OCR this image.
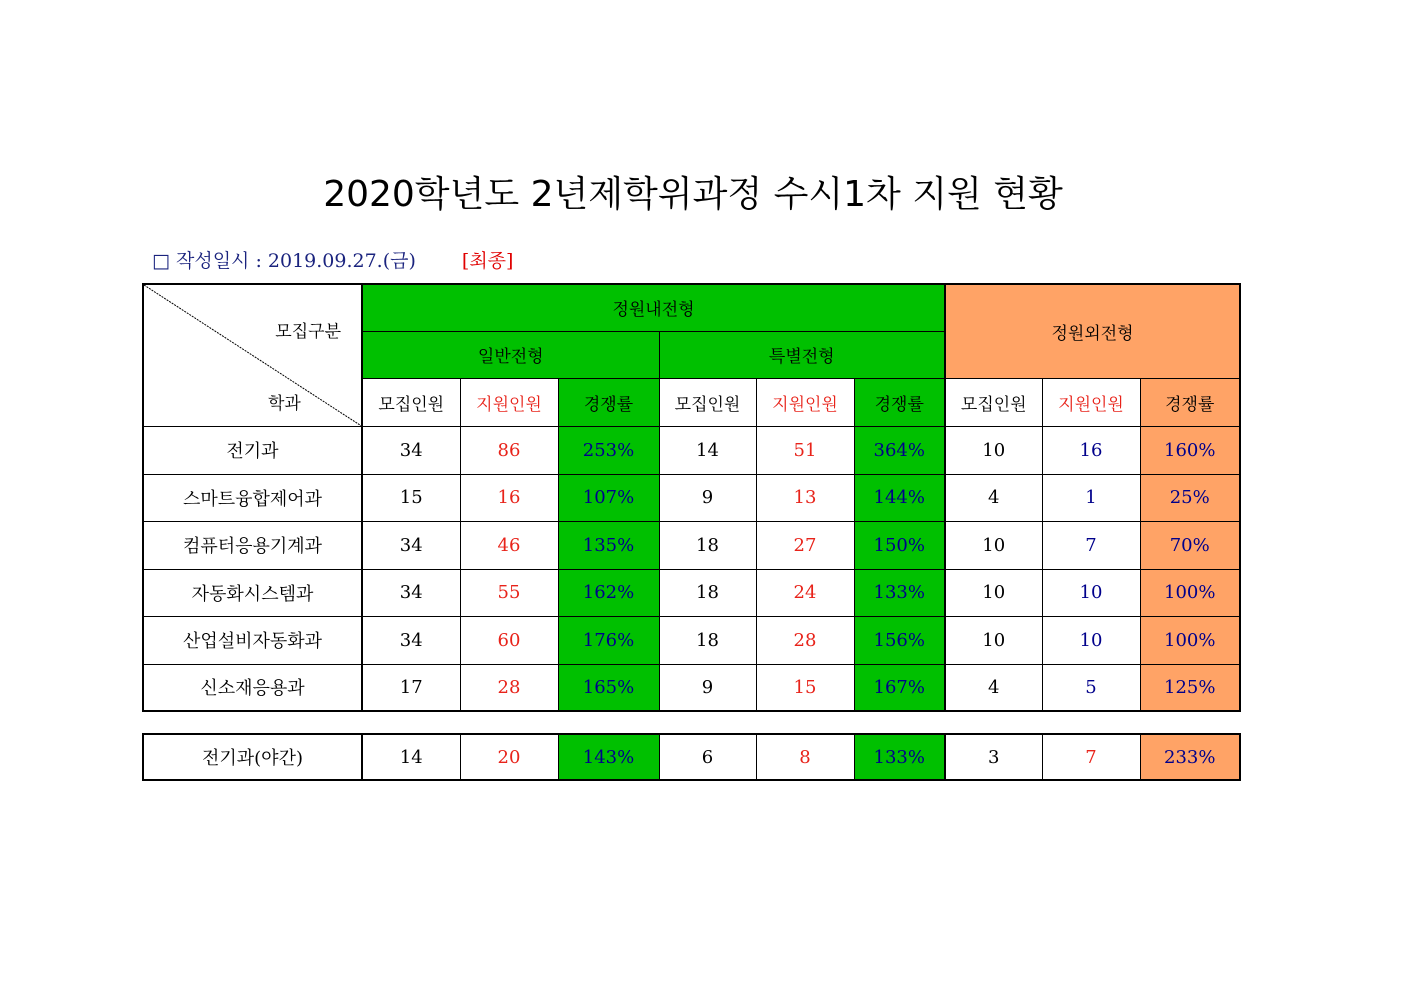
2020학년도 2년제학위과정 수시1차 지원 현황
□ 작성일시 : 2019.09.27.(금) [최종]
모집구분
학과	정원내전형						정원외전형		
	일반전형			특별전형					
	모집인원	지원인원	경쟁률	모집인원	지원인원	경쟁률	모집인원	지원인원	경쟁률
전기과	34	86	253%	14	51	364%	10	16	160%
스마트융합제어과	15	16	107%	9	13	144%	4	1	25%
컴퓨터응용기계과	34	46	135%	18	27	150%	10	7	70%
자동화시스템과	34	55	162%	18	24	133%	10	10	100%
산업설비자동화과	34	60	176%	18	28	156%	10	10	100%
신소재응용과	17	28	165%	9	15	167%	4	5	125%
전기과(야간)	14	20	143%	6	8	133%	3	7	233%
